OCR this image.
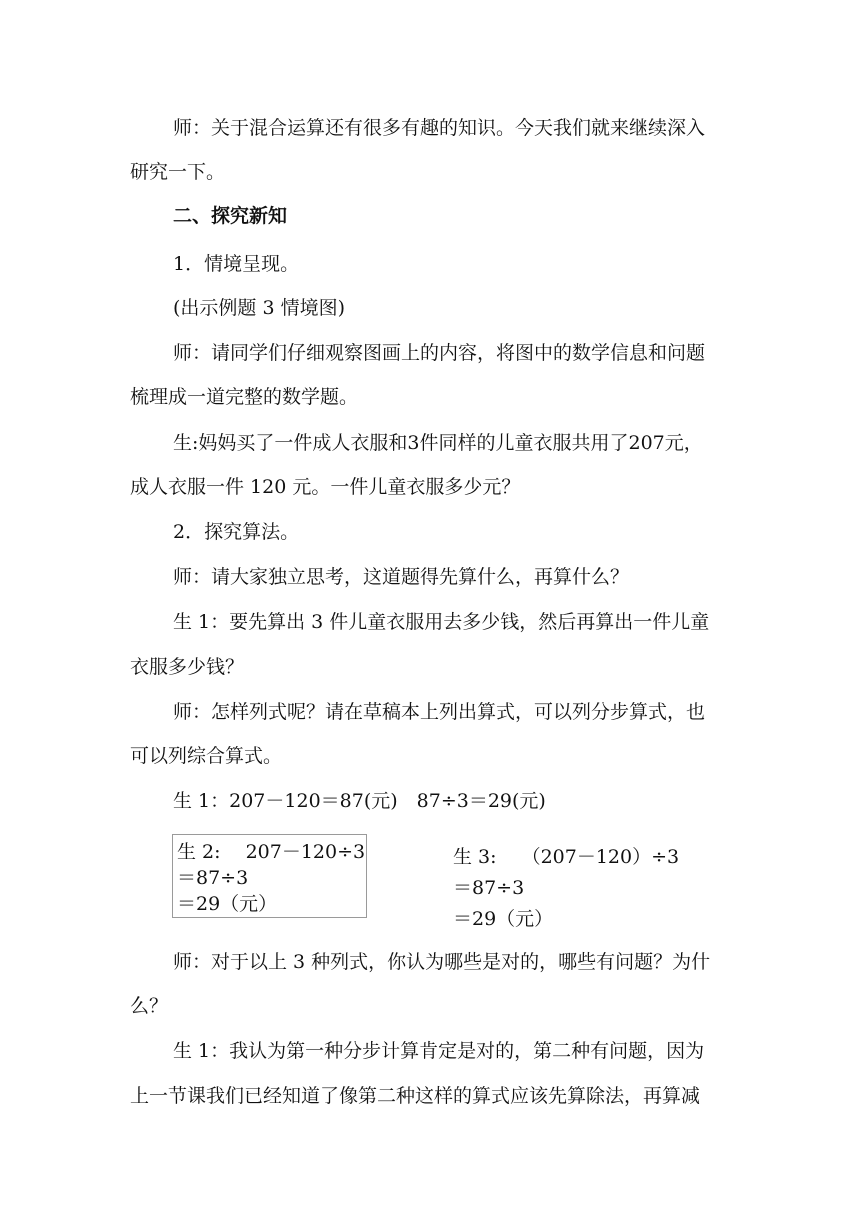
师：关于混合运算还有很多有趣的知识。今天我们就来继续深入
研究一下。
二、探究新知
1．情境呈现。
(出示例题 3 情境图)
师：请同学们仔细观察图画上的内容，将图中的数学信息和问题
梳理成一道完整的数学题。
生:妈妈买了一件成人衣服和3件同样的儿童衣服共用了207元，
成人衣服一件 120 元。一件儿童衣服多少元？
2．探究算法。
师：请大家独立思考，这道题得先算什么，再算什么？
生 1：要先算出 3 件儿童衣服用去多少钱，然后再算出一件儿童
衣服多少钱？
师：怎样列式呢？请在草稿本上列出算式，可以列分步算式，也
可以列综合算式。
生 1：207－120＝87(元)　87÷3＝29(元)
生 2:　 207－120÷3
＝87÷3
＝29（元）
生 3:　 （207－120）÷3
＝87÷3
＝29（元）
师：对于以上 3 种列式，你认为哪些是对的，哪些有问题？为什
么？
生 1：我认为第一种分步计算肯定是对的，第二种有问题，因为
上一节课我们已经知道了像第二种这样的算式应该先算除法，再算减
